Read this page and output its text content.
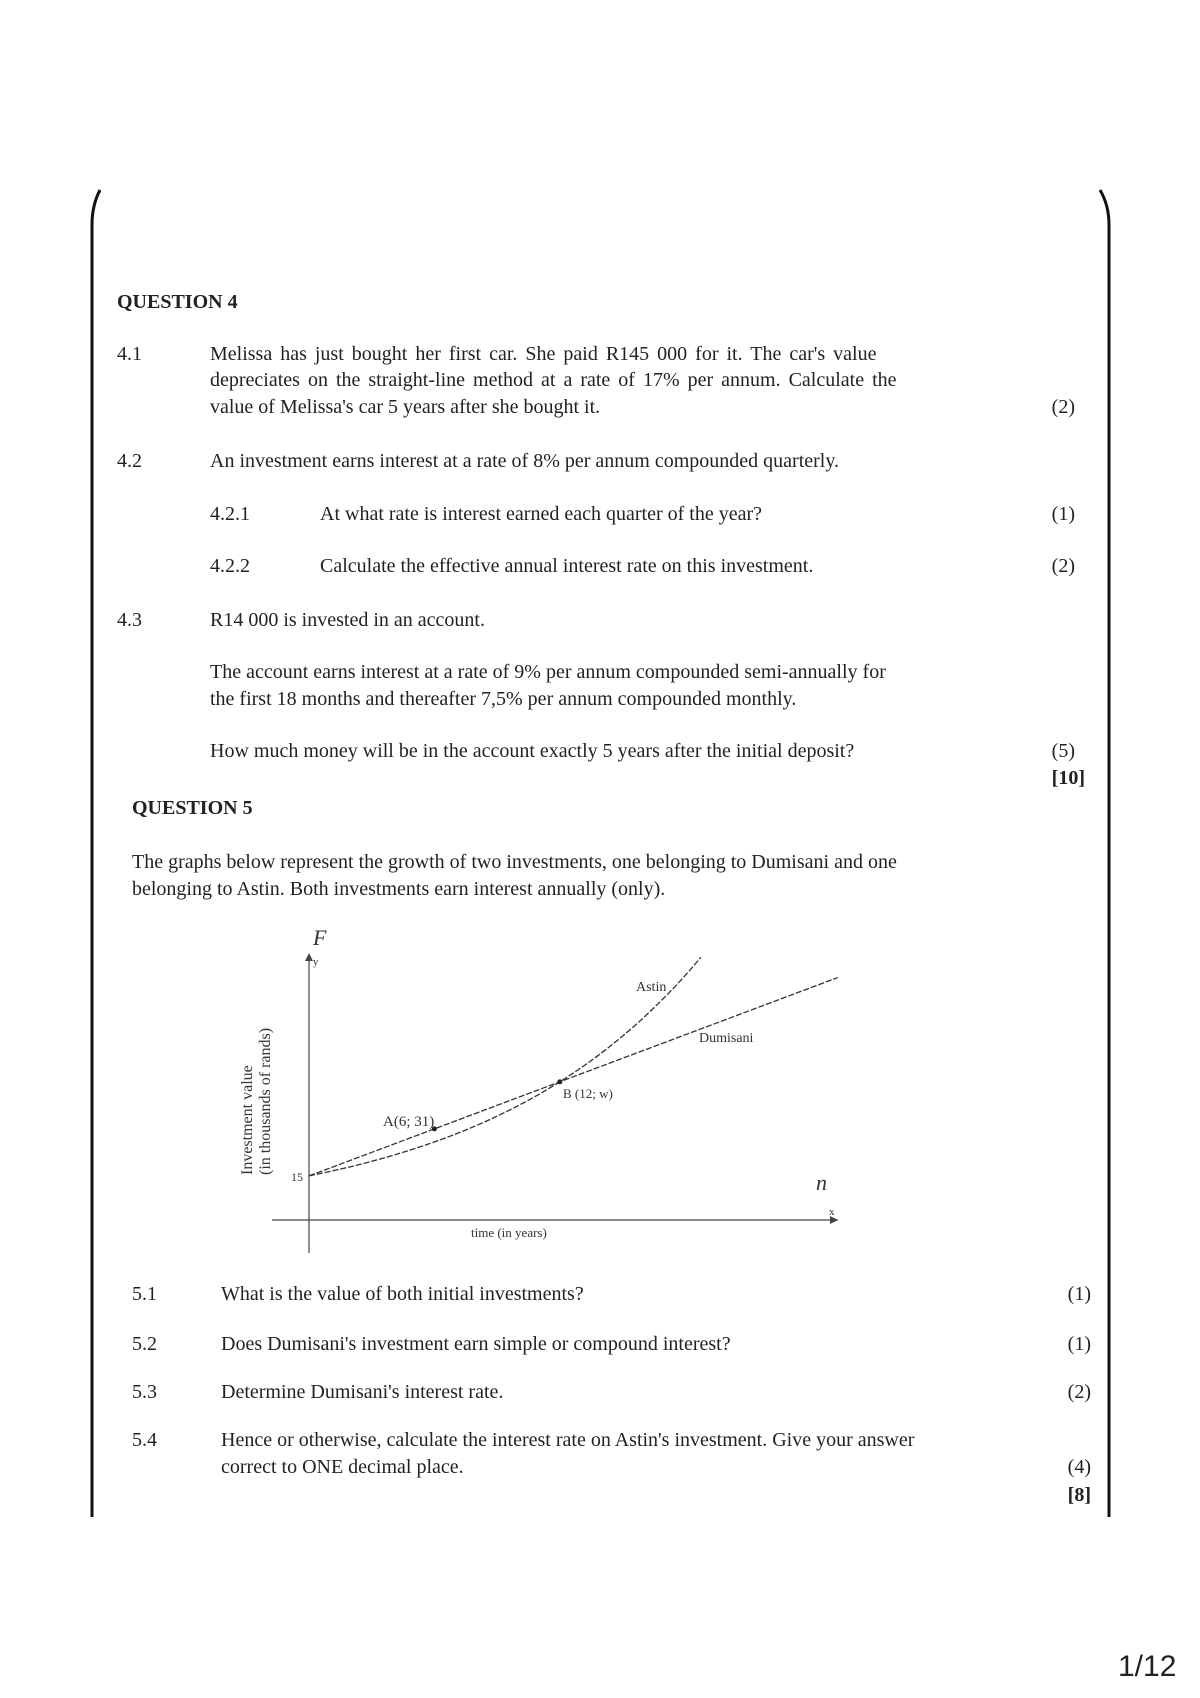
F
y
n
x
15
time (in years)
Investment value (in thousands of rands)
Astin
Dumisani
A(6; 31)
B (12; w)
QUESTION 4
4.1	Melissa has just bought her first car. She paid R145 000 for it. The car's value
depreciates on the straight-line method at a rate of 17% per annum. Calculate the
value of Melissa's car 5 years after she bought it.	(2)
4.2	An investment earns interest at a rate of 8% per annum compounded quarterly.
4.2.1	At what rate is interest earned each quarter of the year?	(1)
4.2.2	Calculate the effective annual interest rate on this investment.	(2)
4.3	R14 000 is invested in an account.
The account earns interest at a rate of 9% per annum compounded semi-annually for
the first 18 months and thereafter 7,5% per annum compounded monthly.
How much money will be in the account exactly 5 years after the initial deposit?	(5)
[10]
QUESTION 5
The graphs below represent the growth of two investments, one belonging to Dumisani and one
belonging to Astin. Both investments earn interest annually (only).
5.1	What is the value of both initial investments?	(1)
5.2	Does Dumisani's investment earn simple or compound interest?	(1)
5.3	Determine Dumisani's interest rate.	(2)
5.4	Hence or otherwise, calculate the interest rate on Astin's investment. Give your answer
correct to ONE decimal place.	(4)
[8]
1/12
